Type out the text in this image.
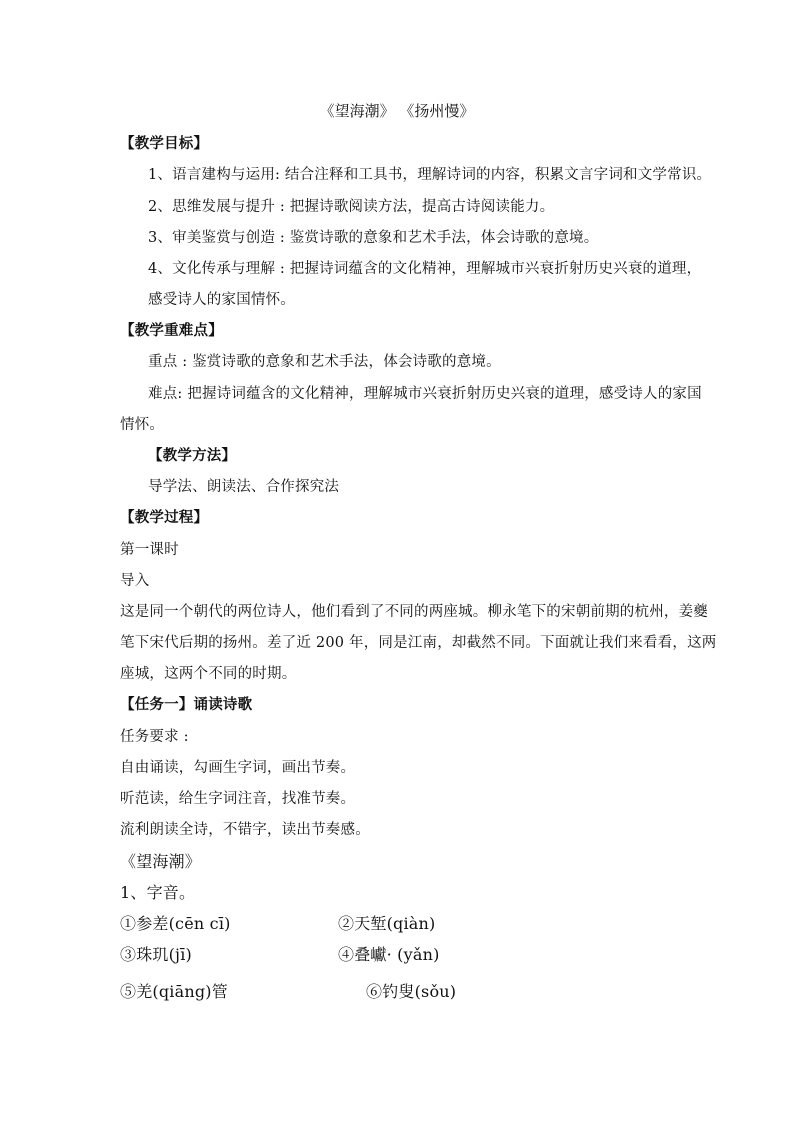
《望海潮》 《扬州慢》
【教学目标】
1、语言建构与运用: 结合注释和工具书，理解诗词的内容，积累文言字词和文学常识。
2、思维发展与提升 : 把握诗歌阅读方法，提高古诗阅读能力。
3、审美鉴赏与创造 : 鉴赏诗歌的意象和艺术手法，体会诗歌的意境。
4、文化传承与理解 : 把握诗词蕴含的文化精神，理解城市兴衰折射历史兴衰的道理，
感受诗人的家国情怀。
【教学重难点】
重点 : 鉴赏诗歌的意象和艺术手法，体会诗歌的意境。
难点: 把握诗词蕴含的文化精神，理解城市兴衰折射历史兴衰的道理，感受诗人的家国
情怀。
【教学方法】
导学法、朗读法、合作探究法
【教学过程】
第一课时
导入
这是同一个朝代的两位诗人，他们看到了不同的两座城。柳永笔下的宋朝前期的杭州，姜夔
笔下宋代后期的扬州。差了近 200 年，同是江南，却截然不同。下面就让我们来看看，这两
座城，这两个不同的时期。
【任务一】诵读诗歌
任务要求 :
自由诵读，勾画生字词，画出节奏。
听范读，给生字词注音，找准节奏。
流利朗读全诗，不错字，读出节奏感。
《望海潮》
1、字音。
①参差(cēn cī)	②天堑(qiàn)
③珠玑(jī)	④叠巘· (yǎn)
⑤羌(qiāng)管	⑥钓叟(sǒu)
